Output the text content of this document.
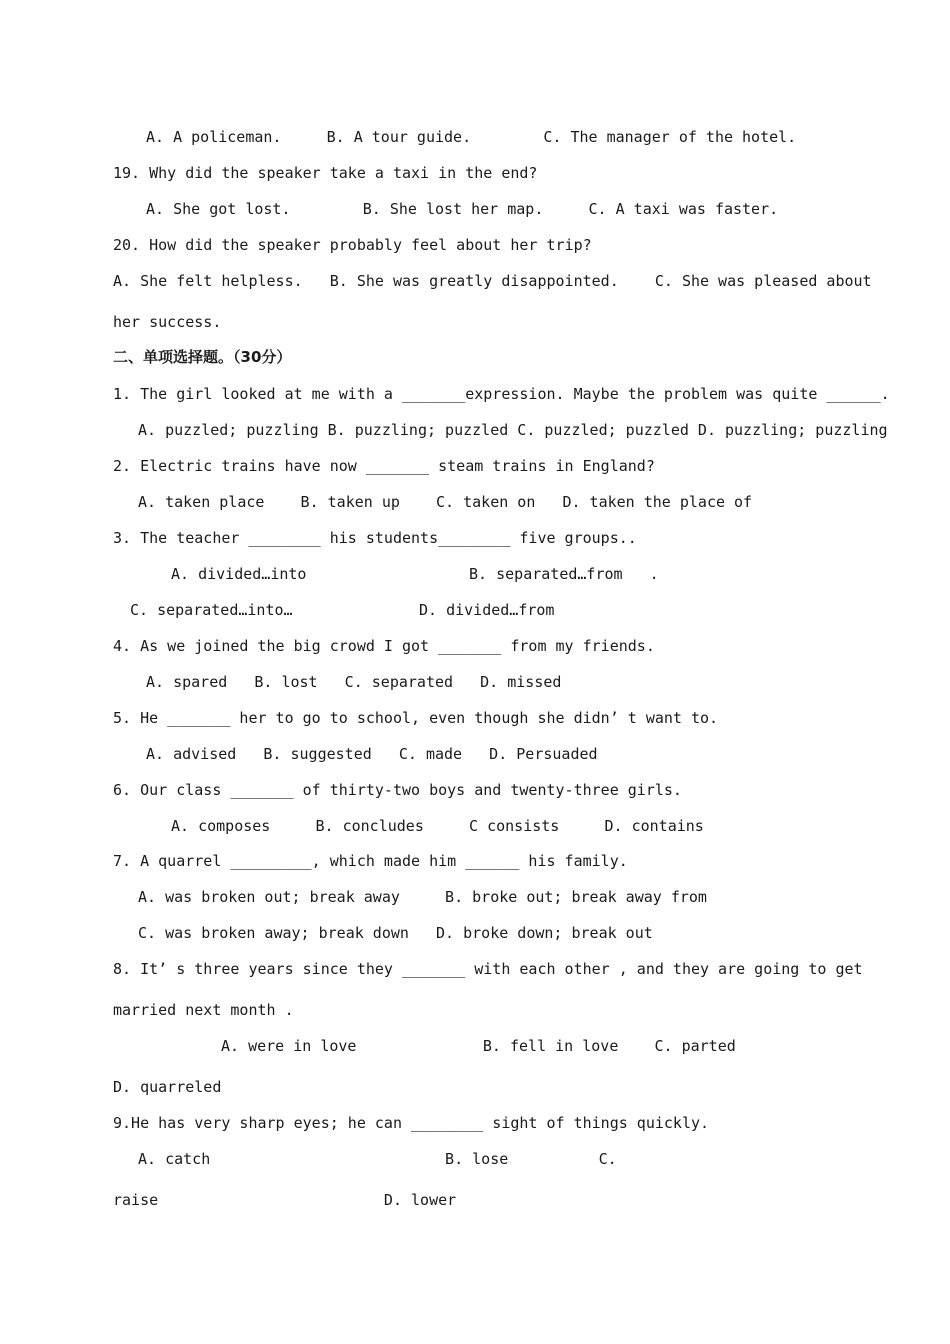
A. A policeman.     B. A tour guide.        C. The manager of the hotel.
19. Why did the speaker take a taxi in the end?
A. She got lost.        B. She lost her map.     C. A taxi was faster.
20. How did the speaker probably feel about her trip?
A. She felt helpless.   B. She was greatly disappointed.    C. She was pleased about
her success.
二、单项选择题。（30分）
1. The girl looked at me with a _______expression. Maybe the problem was quite ______.
A. puzzled; puzzling B. puzzling; puzzled C. puzzled; puzzled D. puzzling; puzzling
2. Electric trains have now _______ steam trains in England?
A. taken place    B. taken up    C. taken on   D. taken the place of
3. The teacher ________ his students________ five groups..
A. divided…into                  B. separated…from   .
C. separated…into…              D. divided…from
4. As we joined the big crowd I got _______ from my friends.
A. spared   B. lost   C. separated   D. missed
5. He _______ her to go to school, even though she didn’ t want to.
A. advised   B. suggested   C. made   D. Persuaded
6. Our class _______ of thirty-two boys and twenty-three girls.
A. composes     B. concludes     C consists     D. contains
7. A quarrel _________, which made him ______ his family.
A. was broken out; break away     B. broke out; break away from
C. was broken away; break down   D. broke down; break out
8. It’ s three years since they _______ with each other , and they are going to get
married next month .
A. were in love              B. fell in love    C. parted
D. quarreled
9.He has very sharp eyes; he can ________ sight of things quickly.
A. catch                          B. lose          C.
raise                         D. lower
